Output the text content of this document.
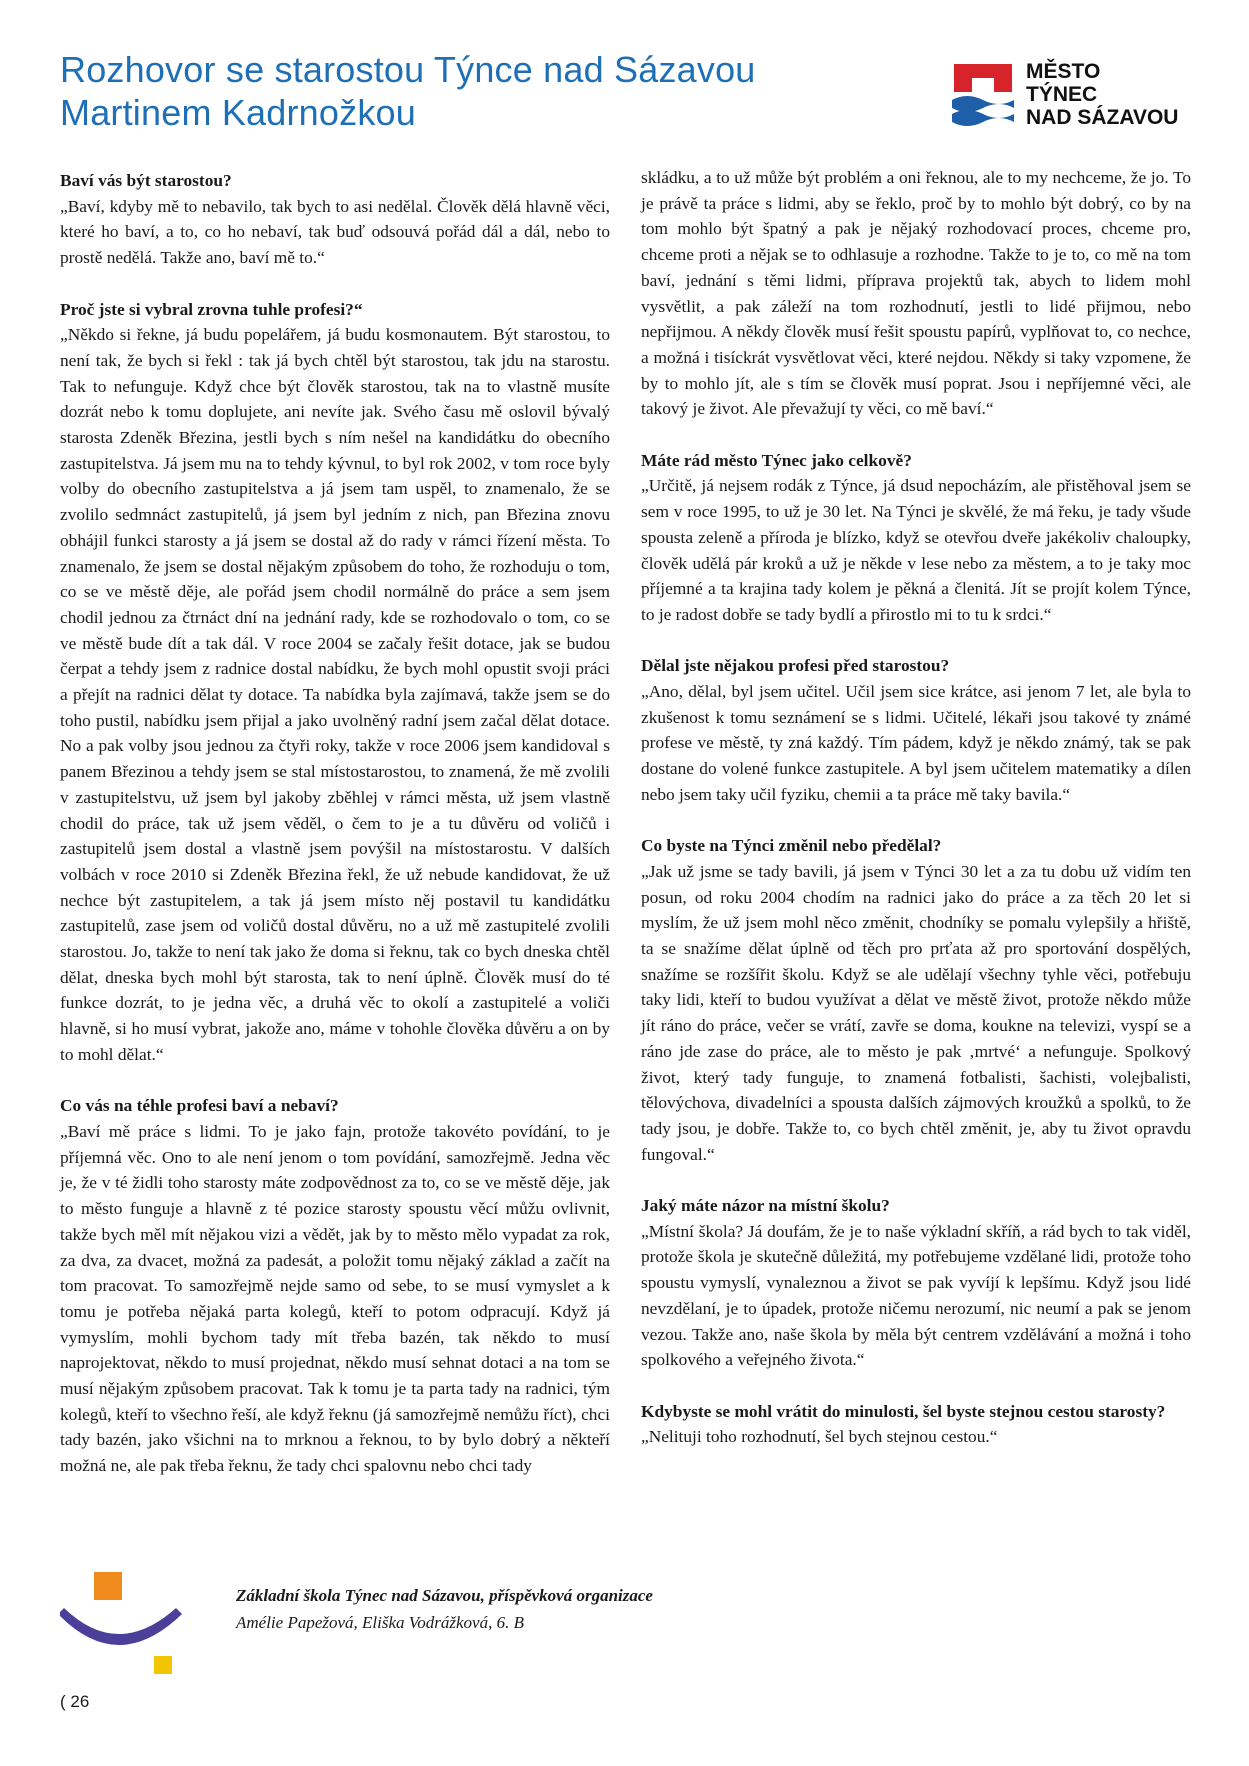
Rozhovor se starostou Týnce nad Sázavou
Martinem Kadrnožkou
MĚSTO
TÝNEC
NAD SÁZAVOU
Baví vás být starostou?
„Baví, kdyby mě to nebavilo, tak bych to asi nedělal. Člověk dělá hlavně věci, které ho baví, a to, co ho nebaví, tak buď odsouvá pořád dál a dál, nebo to prostě nedělá. Takže ano, baví mě to.“
Proč jste si vybral zrovna tuhle profesi?“
„Někdo si řekne, já budu popelářem, já budu kosmonautem. Být starostou, to není tak, že bych si řekl : tak já bych chtěl být starostou, tak jdu na starostu. Tak to nefunguje. Když chce být člověk starostou, tak na to vlastně musíte dozrát nebo k tomu doplujete, ani nevíte jak. Svého času mě oslovil bývalý starosta Zdeněk Březina, jestli bych s ním nešel na kandidátku do obecního zastupitelstva. Já jsem mu na to tehdy kývnul, to byl rok 2002, v tom roce byly volby do obecního zastupitelstva a já jsem tam uspěl, to znamenalo, že se zvolilo sedmnáct zastupitelů, já jsem byl jedním z nich, pan Březina znovu obhájil funkci starosty a já jsem se dostal až do rady v rámci řízení města. To znamenalo, že jsem se dostal nějakým způsobem do toho, že rozhoduju o tom, co se ve městě děje, ale pořád jsem chodil normálně do práce a sem jsem chodil jednou za čtrnáct dní na jednání rady, kde se rozhodovalo o tom, co se ve městě bude dít a tak dál. V roce 2004 se začaly řešit dotace, jak se budou čerpat a tehdy jsem z radnice dostal nabídku, že bych mohl opustit svoji práci a přejít na radnici dělat ty dotace. Ta nabídka byla zajímavá, takže jsem se do toho pustil, nabídku jsem přijal a jako uvolněný radní jsem začal dělat dotace. No a pak volby jsou jednou za čtyři roky, takže v roce 2006 jsem kandidoval s panem Březinou a tehdy jsem se stal místostarostou, to znamená, že mě zvolili v zastupitelstvu, už jsem byl jakoby zběhlej v rámci města, už jsem vlastně chodil do práce, tak už jsem věděl, o čem to je a tu důvěru od voličů i zastupitelů jsem dostal a vlastně jsem povýšil na místostarostu. V dalších volbách v roce 2010 si Zdeněk Březina řekl, že už nebude kandidovat, že už nechce být zastupitelem, a tak já jsem místo něj postavil tu kandidátku zastupitelů, zase jsem od voličů dostal důvěru, no a už mě zastupitelé zvolili starostou. Jo, takže to není tak jako že doma si řeknu, tak co bych dneska chtěl dělat, dneska bych mohl být starosta, tak to není úplně. Člověk musí do té funkce dozrát, to je jedna věc, a druhá věc to okolí a zastupitelé a voliči hlavně, si ho musí vybrat, jakože ano, máme v tohohle člověka důvěru a on by to mohl dělat.“
Co vás na téhle profesi baví a nebaví?
„Baví mě práce s lidmi. To je jako fajn, protože takovéto povídání, to je příjemná věc. Ono to ale není jenom o tom povídání, samozřejmě. Jedna věc je, že v té židli toho starosty máte zodpovědnost za to, co se ve městě děje, jak to město funguje a hlavně z té pozice starosty spoustu věcí můžu ovlivnit, takže bych měl mít nějakou vizi a vědět, jak by to město mělo vypadat za rok, za dva, za dvacet, možná za padesát, a položit tomu nějaký základ a začít na tom pracovat. To samozřejmě nejde samo od sebe, to se musí vymyslet a k tomu je potřeba nějaká parta kolegů, kteří to potom odpracují. Když já vymyslím, mohli bychom tady mít třeba bazén, tak někdo to musí naprojektovat, někdo to musí projednat, někdo musí sehnat dotaci a na tom se musí nějakým způsobem pracovat. Tak k tomu je ta parta tady na radnici, tým kolegů, kteří to všechno řeší, ale když řeknu (já samozřejmě nemůžu říct), chci tady bazén, jako všichni na to mrknou a řeknou, to by bylo dobrý a někteří možná ne, ale pak třeba řeknu, že tady chci spalovnu nebo chci tady
skládku, a to už může být problém a oni řeknou, ale to my nechceme, že jo. To je právě ta práce s lidmi, aby se řeklo, proč by to mohlo být dobrý, co by na tom mohlo být špatný a pak je nějaký rozhodovací proces, chceme pro, chceme proti a nějak se to odhlasuje a rozhodne. Takže to je to, co mě na tom baví, jednání s těmi lidmi, příprava projektů tak, abych to lidem mohl vysvětlit, a pak záleží na tom rozhodnutí, jestli to lidé přijmou, nebo nepřijmou. A někdy člověk musí řešit spoustu papírů, vyplňovat to, co nechce, a možná i tisíckrát vysvětlovat věci, které nejdou. Někdy si taky vzpomene, že by to mohlo jít, ale s tím se člověk musí poprat. Jsou i nepříjemné věci, ale takový je život. Ale převažují ty věci, co mě baví.“
Máte rád město Týnec jako celkově?
„Určitě, já nejsem rodák z Týnce, já dsud nepocházím, ale přistěhoval jsem se sem v roce 1995, to už je 30 let. Na Týnci je skvělé, že má řeku, je tady všude spousta zeleně a příroda je blízko, když se otevřou dveře jakékoliv chaloupky, člověk udělá pár kroků a už je někde v lese nebo za městem, a to je taky moc příjemné a ta krajina tady kolem je pěkná a členitá. Jít se projít kolem Týnce, to je radost dobře se tady bydlí a přirostlo mi to tu k srdci.“
Dělal jste nějakou profesi před starostou?
„Ano, dělal, byl jsem učitel. Učil jsem sice krátce, asi jenom 7 let, ale byla to zkušenost k tomu seznámení se s lidmi. Učitelé, lékaři jsou takové ty známé profese ve městě, ty zná každý. Tím pádem, když je někdo známý, tak se pak dostane do volené funkce zastupitele. A byl jsem učitelem matematiky a dílen nebo jsem taky učil fyziku, chemii a ta práce mě taky bavila.“
Co byste na Týnci změnil nebo předělal?
„Jak už jsme se tady bavili, já jsem v Týnci 30 let a za tu dobu už vidím ten posun, od roku 2004 chodím na radnici jako do práce a za těch 20 let si myslím, že už jsem mohl něco změnit, chodníky se pomalu vylepšily a hřiště, ta se snažíme dělat úplně od těch pro prťata až pro sportování dospělých, snažíme se rozšířit školu. Když se ale udělají všechny tyhle věci, potřebuju taky lidi, kteří to budou využívat a dělat ve městě život, protože někdo může jít ráno do práce, večer se vrátí, zavře se doma, koukne na televizi, vyspí se a ráno jde zase do práce, ale to město je pak ‚mrtvé‘ a nefunguje. Spolkový život, který tady funguje, to znamená fotbalisti, šachisti, volejbalisti, tělovýchova, divadelníci a spousta dalších zájmových kroužků a spolků, to že tady jsou, je dobře. Takže to, co bych chtěl změnit, je, aby tu život opravdu fungoval.“
Jaký máte názor na místní školu?
„Místní škola? Já doufám, že je to naše výkladní skříň, a rád bych to tak viděl, protože škola je skutečně důležitá, my potřebujeme vzdělané lidi, protože toho spoustu vymyslí, vynaleznou a život se pak vyvíjí k lepšímu. Když jsou lidé nevzdělaní, je to úpadek, protože ničemu nerozumí, nic neumí a pak se jenom vezou. Takže ano, naše škola by měla být centrem vzdělávání a možná i toho spolkového a veřejného života.“
Kdybyste se mohl vrátit do minulosti, šel byste stejnou cestou starosty?
„Nelituji toho rozhodnutí, šel bych stejnou cestou.“
Základní škola Týnec nad Sázavou, příspěvková organizace
Amélie Papežová, Eliška Vodrážková, 6. B
( 26
